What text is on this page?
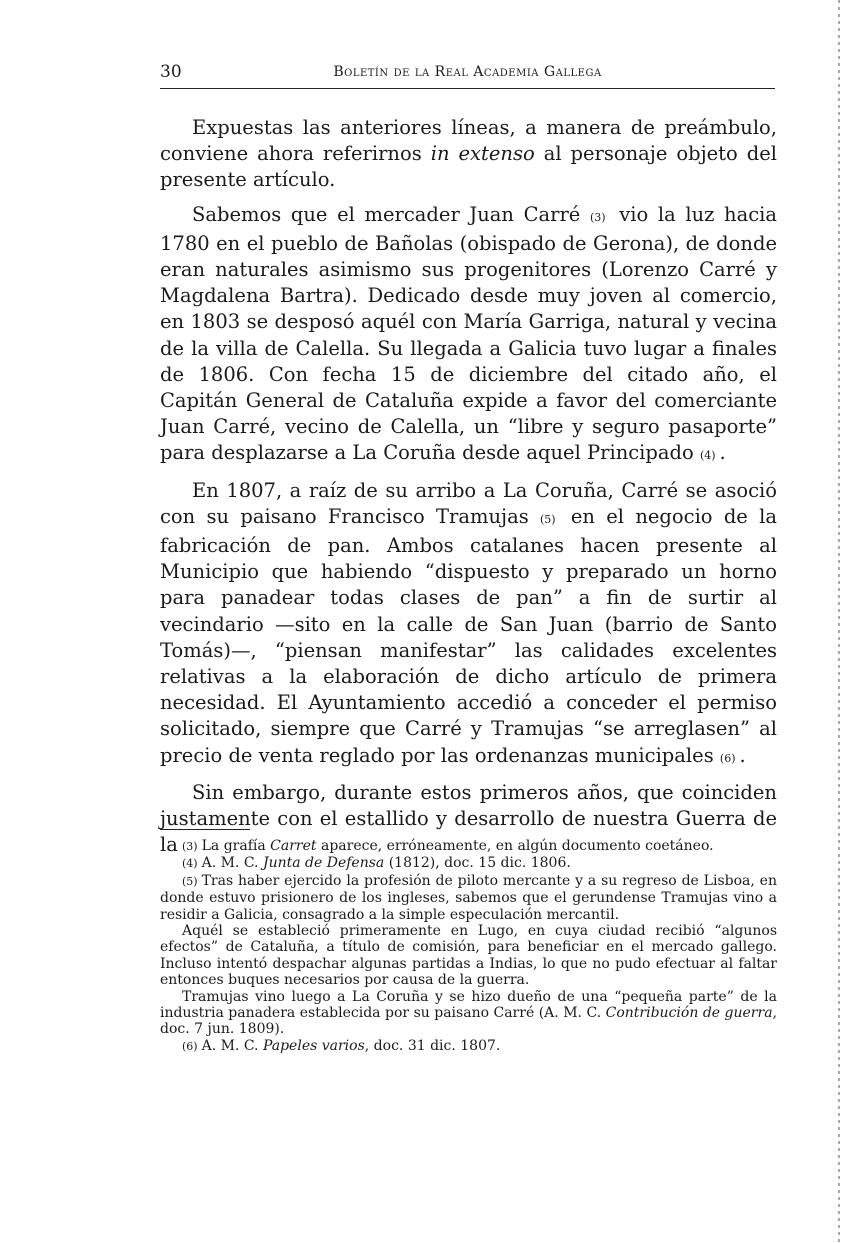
30	Boletín de la Real Academia Gallega

Expuestas las anteriores líneas, a manera de preámbulo, conviene ahora referirnos in extenso al personaje objeto del presente artículo.

Sabemos que el mercader Juan Carré (3) vio la luz hacia 1780 en el pueblo de Bañolas (obispado de Gerona), de donde eran naturales asimismo sus progenitores (Lorenzo Carré y Magdalena Bartra). Dedicado desde muy joven al comercio, en 1803 se desposó aquél con María Garriga, natural y vecina de la villa de Calella. Su llegada a Galicia tuvo lugar a finales de 1806. Con fecha 15 de diciembre del citado año, el Capitán General de Cataluña expide a favor del comerciante Juan Carré, vecino de Calella, un “libre y seguro pasaporte” para desplazarse a La Coruña desde aquel Principado (4) .

En 1807, a raíz de su arribo a La Coruña, Carré se asoció con su paisano Francisco Tramujas (5) en el negocio de la fabricación de pan. Ambos catalanes hacen presente al Municipio que habiendo “dispuesto y preparado un horno para panadear todas clases de pan” a fin de surtir al vecindario —sito en la calle de San Juan (barrio de Santo Tomás)—, “piensan manifestar” las calidades excelentes relativas a la elaboración de dicho artículo de primera necesidad. El Ayuntamiento accedió a conceder el permiso solicitado, siempre que Carré y Tramujas “se arreglasen” al precio de venta reglado por las ordenanzas municipales (6) .

Sin embargo, durante estos primeros años, que coinciden justamente con el estallido y desarrollo de nuestra Guerra de la (3) La grafía Carret aparece, erróneamente, en algún documento coetáneo.

(4) A. M. C. Junta de Defensa (1812), doc. 15 dic. 1806.

(5) Tras haber ejercido la profesión de piloto mercante y a su regreso de Lisboa, en donde estuvo prisionero de los ingleses, sabemos que el gerundense Tramujas vino a residir a Galicia, consagrado a la simple especulación mercantil.

Aquél se estableció primeramente en Lugo, en cuya ciudad recibió “algunos efectos” de Cataluña, a título de comisión, para beneficiar en el mercado gallego. Incluso intentó despachar algunas partidas a Indias, lo que no pudo efectuar al faltar entonces buques necesarios por causa de la guerra.

Tramujas vino luego a La Coruña y se hizo dueño de una “pequeña parte” de la industria panadera establecida por su paisano Carré (A. M. C. Contribución de guerra, doc. 7 jun. 1809).

(6) A. M. C. Papeles varios, doc. 31 dic. 1807.
